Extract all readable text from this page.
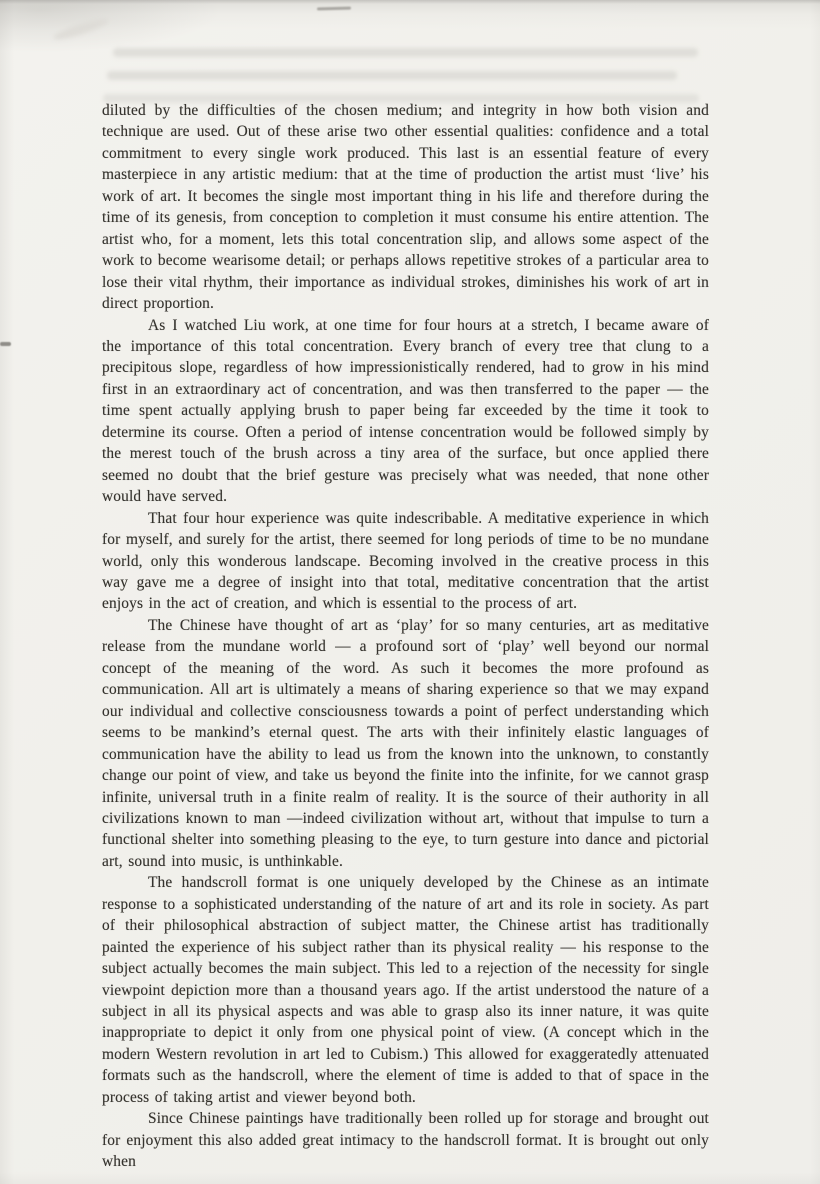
diluted by the difficulties of the chosen medium; and integrity in how both vision and technique are used. Out of these arise two other essential qualities: confidence and a total commitment to every single work produced. This last is an essential feature of every masterpiece in any artistic medium: that at the time of production the artist must ‘live’ his work of art. It becomes the single most important thing in his life and therefore during the time of its genesis, from conception to completion it must consume his entire attention. The artist who, for a moment, lets this total concentration slip, and allows some aspect of the work to become wearisome detail; or perhaps allows repetitive strokes of a particular area to lose their vital rhythm, their importance as individual strokes, diminishes his work of art in direct proportion.

As I watched Liu work, at one time for four hours at a stretch, I became aware of the importance of this total concentration. Every branch of every tree that clung to a precipitous slope, regardless of how impressionistically rendered, had to grow in his mind first in an extraordinary act of concentration, and was then transferred to the paper — the time spent actually applying brush to paper being far exceeded by the time it took to determine its course. Often a period of intense concentration would be followed simply by the merest touch of the brush across a tiny area of the surface, but once applied there seemed no doubt that the brief gesture was precisely what was needed, that none other would have served.

That four hour experience was quite indescribable. A meditative experience in which for myself, and surely for the artist, there seemed for long periods of time to be no mundane world, only this wonderous landscape. Becoming involved in the creative process in this way gave me a degree of insight into that total, meditative concentration that the artist enjoys in the act of creation, and which is essential to the process of art.

The Chinese have thought of art as ‘play’ for so many centuries, art as meditative release from the mundane world — a profound sort of ‘play’ well beyond our normal concept of the meaning of the word. As such it becomes the more profound as communication. All art is ultimately a means of sharing experience so that we may expand our individual and collective consciousness towards a point of perfect understanding which seems to be mankind’s eternal quest. The arts with their infinitely elastic languages of communication have the ability to lead us from the known into the unknown, to constantly change our point of view, and take us beyond the finite into the infinite, for we cannot grasp infinite, universal truth in a finite realm of reality. It is the source of their authority in all civilizations known to man —indeed civilization without art, without that impulse to turn a functional shelter into something pleasing to the eye, to turn gesture into dance and pictorial art, sound into music, is unthinkable.

The handscroll format is one uniquely developed by the Chinese as an intimate response to a sophisticated understanding of the nature of art and its role in society. As part of their philosophical abstraction of subject matter, the Chinese artist has traditionally painted the experience of his subject rather than its physical reality — his response to the subject actually becomes the main subject. This led to a rejection of the necessity for single viewpoint depiction more than a thousand years ago. If the artist understood the nature of a subject in all its physical aspects and was able to grasp also its inner nature, it was quite inappropriate to depict it only from one physical point of view. (A concept which in the modern Western revolution in art led to Cubism.) This allowed for exaggeratedly attenuated formats such as the handscroll, where the element of time is added to that of space in the process of taking artist and viewer beyond both.

Since Chinese paintings have traditionally been rolled up for storage and brought out for enjoyment this also added great intimacy to the handscroll format. It is brought out only when
